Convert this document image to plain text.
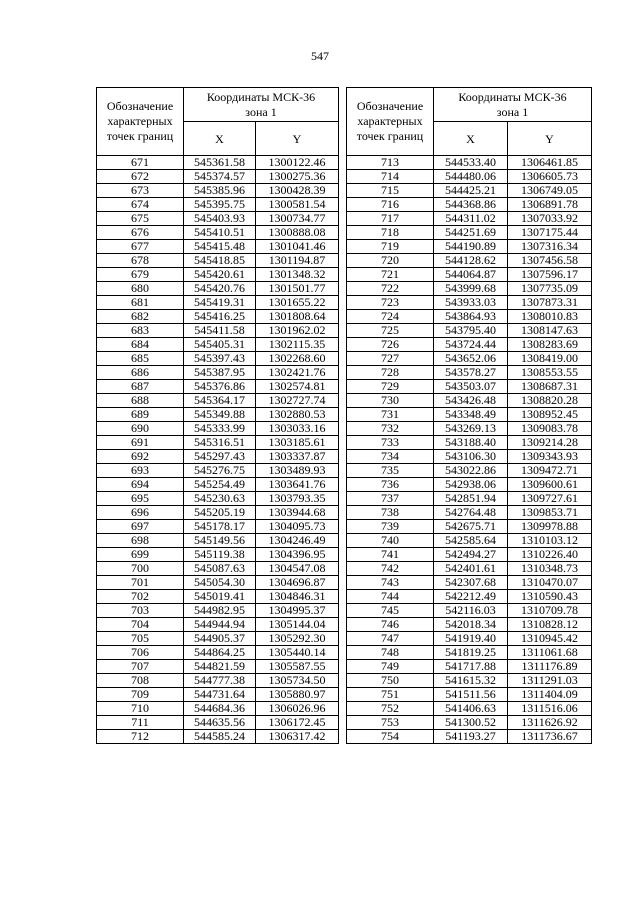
547
Обозначение характерных точек границ	Координаты МСК-36
зона 1	
	X	Y
671	545361.58	1300122.46
672	545374.57	1300275.36
673	545385.96	1300428.39
674	545395.75	1300581.54
675	545403.93	1300734.77
676	545410.51	1300888.08
677	545415.48	1301041.46
678	545418.85	1301194.87
679	545420.61	1301348.32
680	545420.76	1301501.77
681	545419.31	1301655.22
682	545416.25	1301808.64
683	545411.58	1301962.02
684	545405.31	1302115.35
685	545397.43	1302268.60
686	545387.95	1302421.76
687	545376.86	1302574.81
688	545364.17	1302727.74
689	545349.88	1302880.53
690	545333.99	1303033.16
691	545316.51	1303185.61
692	545297.43	1303337.87
693	545276.75	1303489.93
694	545254.49	1303641.76
695	545230.63	1303793.35
696	545205.19	1303944.68
697	545178.17	1304095.73
698	545149.56	1304246.49
699	545119.38	1304396.95
700	545087.63	1304547.08
701	545054.30	1304696.87
702	545019.41	1304846.31
703	544982.95	1304995.37
704	544944.94	1305144.04
705	544905.37	1305292.30
706	544864.25	1305440.14
707	544821.59	1305587.55
708	544777.38	1305734.50
709	544731.64	1305880.97
710	544684.36	1306026.96
711	544635.56	1306172.45
712	544585.24	1306317.42
Обозначение характерных точек границ	Координаты МСК-36
зона 1	
	X	Y
713	544533.40	1306461.85
714	544480.06	1306605.73
715	544425.21	1306749.05
716	544368.86	1306891.78
717	544311.02	1307033.92
718	544251.69	1307175.44
719	544190.89	1307316.34
720	544128.62	1307456.58
721	544064.87	1307596.17
722	543999.68	1307735.09
723	543933.03	1307873.31
724	543864.93	1308010.83
725	543795.40	1308147.63
726	543724.44	1308283.69
727	543652.06	1308419.00
728	543578.27	1308553.55
729	543503.07	1308687.31
730	543426.48	1308820.28
731	543348.49	1308952.45
732	543269.13	1309083.78
733	543188.40	1309214.28
734	543106.30	1309343.93
735	543022.86	1309472.71
736	542938.06	1309600.61
737	542851.94	1309727.61
738	542764.48	1309853.71
739	542675.71	1309978.88
740	542585.64	1310103.12
741	542494.27	1310226.40
742	542401.61	1310348.73
743	542307.68	1310470.07
744	542212.49	1310590.43
745	542116.03	1310709.78
746	542018.34	1310828.12
747	541919.40	1310945.42
748	541819.25	1311061.68
749	541717.88	1311176.89
750	541615.32	1311291.03
751	541511.56	1311404.09
752	541406.63	1311516.06
753	541300.52	1311626.92
754	541193.27	1311736.67
